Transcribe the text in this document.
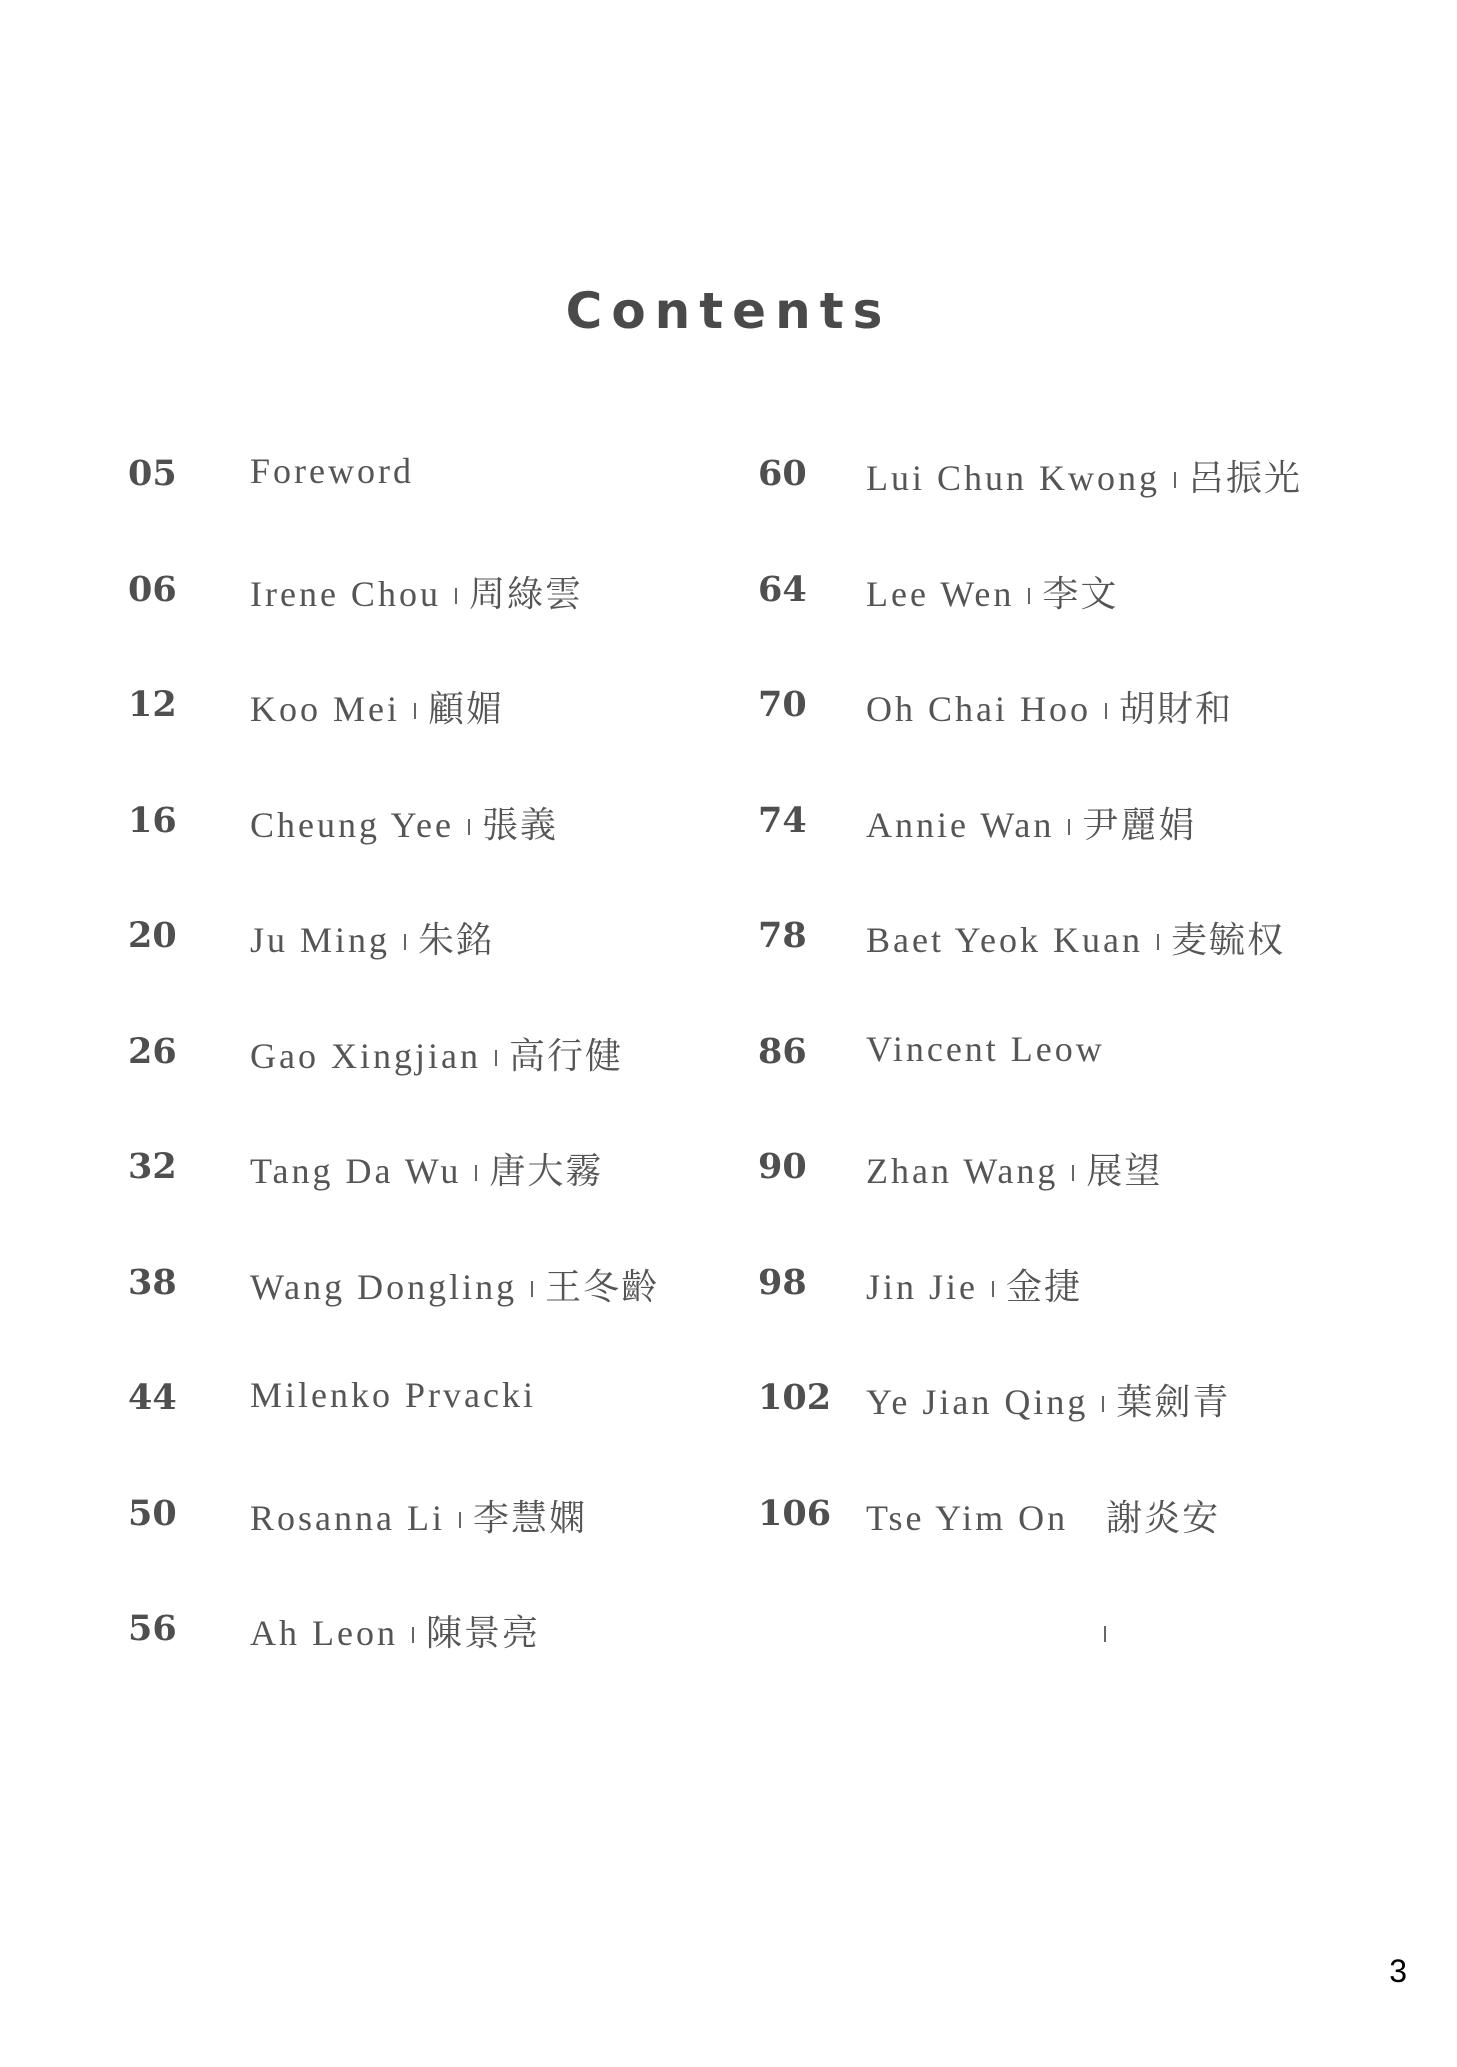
Contents
05 Foreword
06 Irene Chou 周綠雲
12 Koo Mei 顧媚
16 Cheung Yee 張義
20 Ju Ming 朱銘
26 Gao Xingjian 高行健
32 Tang Da Wu 唐大霧
38 Wang Dongling 王冬齡
44 Milenko Prvacki
50 Rosanna Li 李慧嫻
56 Ah Leon 陳景亮
60 Lui Chun Kwong 呂振光
64 Lee Wen 李文
70 Oh Chai Hoo 胡財和
74 Annie Wan 尹麗娟
78 Baet Yeok Kuan 麦毓权
86 Vincent Leow
90 Zhan Wang 展望
98 Jin Jie 金捷
102 Ye Jian Qing 葉劍青
106 Tse Yim On 謝炎安
3
